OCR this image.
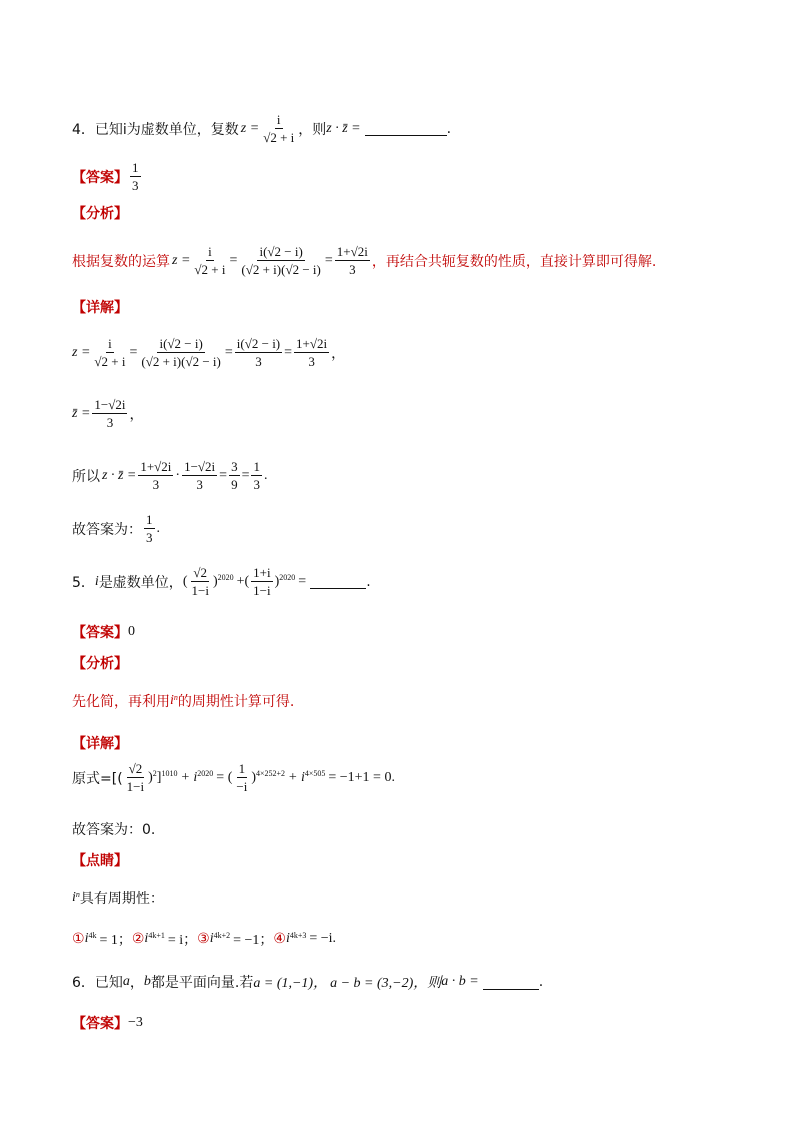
4．已知i为虚数单位，复数 $z = \frac{i}{√2 + i}$ ，则 z · z̄ =	.
【答案】 $\frac{1}{3}$
【分析】
根据复数的运算 $z = \frac{i}{√2 + i} = \frac{i(√2 - i)}{(√2 + i)(√2 - i)} = \frac{1+√2i}{3}$ ，再结合共轭复数的性质，直接计算即可得解.
【详解】
$z = \frac{i}{√2 + i} = \frac{i(√2 - i)}{(√2 + i)(√2 - i)} = \frac{i(√2 - i)}{3} = \frac{1+√2i}{3}$ ，
z̄ = $\frac{1-√2i}{3}$ ，
所以 z · z̄ = $\frac{1+√2i}{3} \cdot \frac{1-√2i}{3} = \frac{3}{9} = \frac{1}{3}$ .
故答案为： $\frac{1}{3}$ .
5． i 是虚数单位， ( $\frac{√2}{1-i}$ ) 2020 +( $\frac{1+i}{1-i}$ ) 2020 =	.
【答案】 0
【分析】
先化简，再利用 i n 的周期性计算可得.
【详解】
原式=[( $\frac{√2}{1-i}$ ) 2 ] 1010 + i 2020 = ( $\frac{1}{-i}$ ) 4×252+2 + i 4×505 = −1+1 = 0 .
故答案为：0.
【点睛】
i n 具有周期性：
① i 4k = 1； ② i 4k+1 = i； ③ i 4k+2 = −1； ④ i 4k+3 = −i .
6．已知 a ， b 都是平面向量.若 a = (1,−1)， a − b = (3,−2)，则 a · b =	.
【答案】 −3
